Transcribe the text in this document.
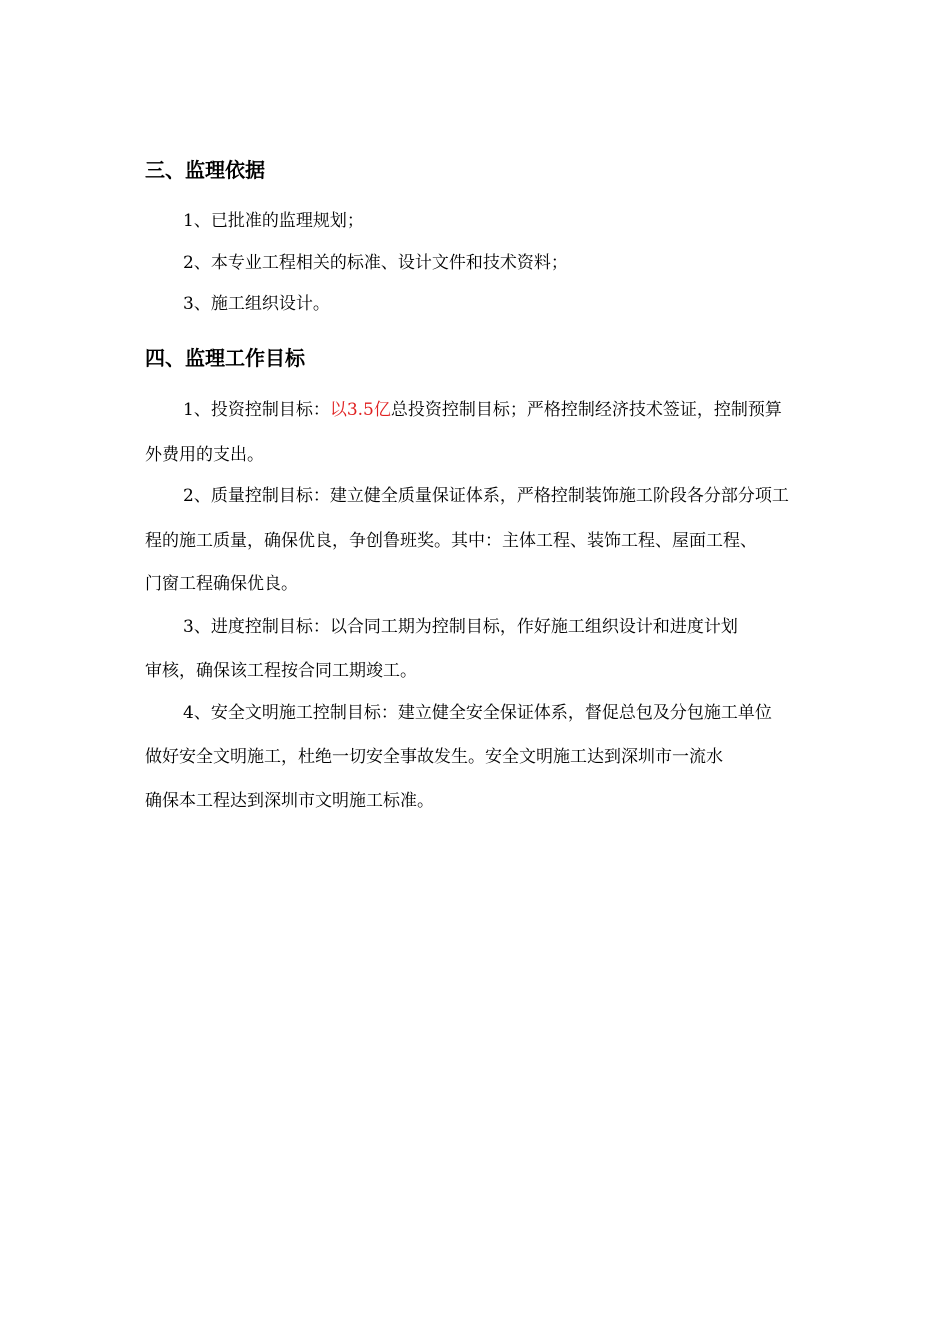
三、监理依据
1、已批准的监理规划；
2、本专业工程相关的标准、设计文件和技术资料；
3、施工组织设计。
四、监理工作目标
1、投资控制目标：以3.5亿总投资控制目标；严格控制经济技术签证，控制预算
外费用的支出。
2、质量控制目标：建立健全质量保证体系，严格控制装饰施工阶段各分部分项工
程的施工质量，确保优良，争创鲁班奖。其中：主体工程、装饰工程、屋面工程、
门窗工程确保优良。
3、进度控制目标：以合同工期为控制目标，作好施工组织设计和进度计划
审核，确保该工程按合同工期竣工。
4、安全文明施工控制目标：建立健全安全保证体系，督促总包及分包施工单位
做好安全文明施工，杜绝一切安全事故发生。安全文明施工达到深圳市一流水
确保本工程达到深圳市文明施工标准。
